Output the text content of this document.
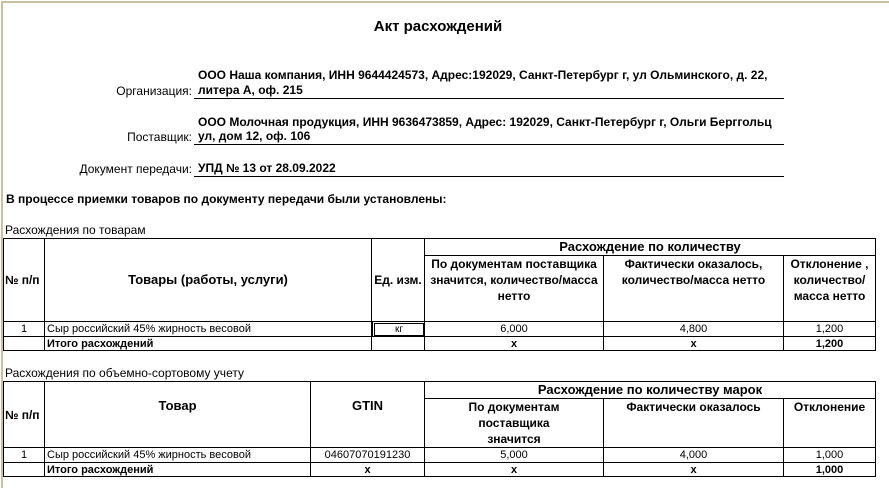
Акт расхождений
ООО Наша компания, ИНН 9644424573, Адрес:192029, Санкт-Петербург г, ул Ольминского, д. 22,
Организация: литера А, оф. 215
ООО Молочная продукция, ИНН 9636473859, Адрес: 192029, Санкт-Петербург г, Ольги Берггольц
Поставщик: ул, дом 12, оф. 106
Документ передачи: УПД № 13 от 28.09.2022
В процессе приемки товаров по документу передачи были установлены:
Расхождения по товарам
№ п/п	Товары (работы, услуги)	Ед. изм.	Расхождение по количеству		
			По документам поставщика значится, количество/масса нетто	Фактически оказалось, количество/масса нетто	Отклонение , количество/ масса нетто
1	Сыр российский 45% жирность весовой	кг	6,000	4,800	1,200
	Итого расхождений		х	х	1,200
Расхождения по объемно-сортовому учету
№ п/п	Товар	GTIN	Расхождение по количеству марок		
			По документам поставщика значится	Фактически оказалось	Отклонение
1	Сыр российский 45% жирность весовой	04607070191230	5,000	4,000	1,000
	Итого расхождений	х	х	х	1,000
